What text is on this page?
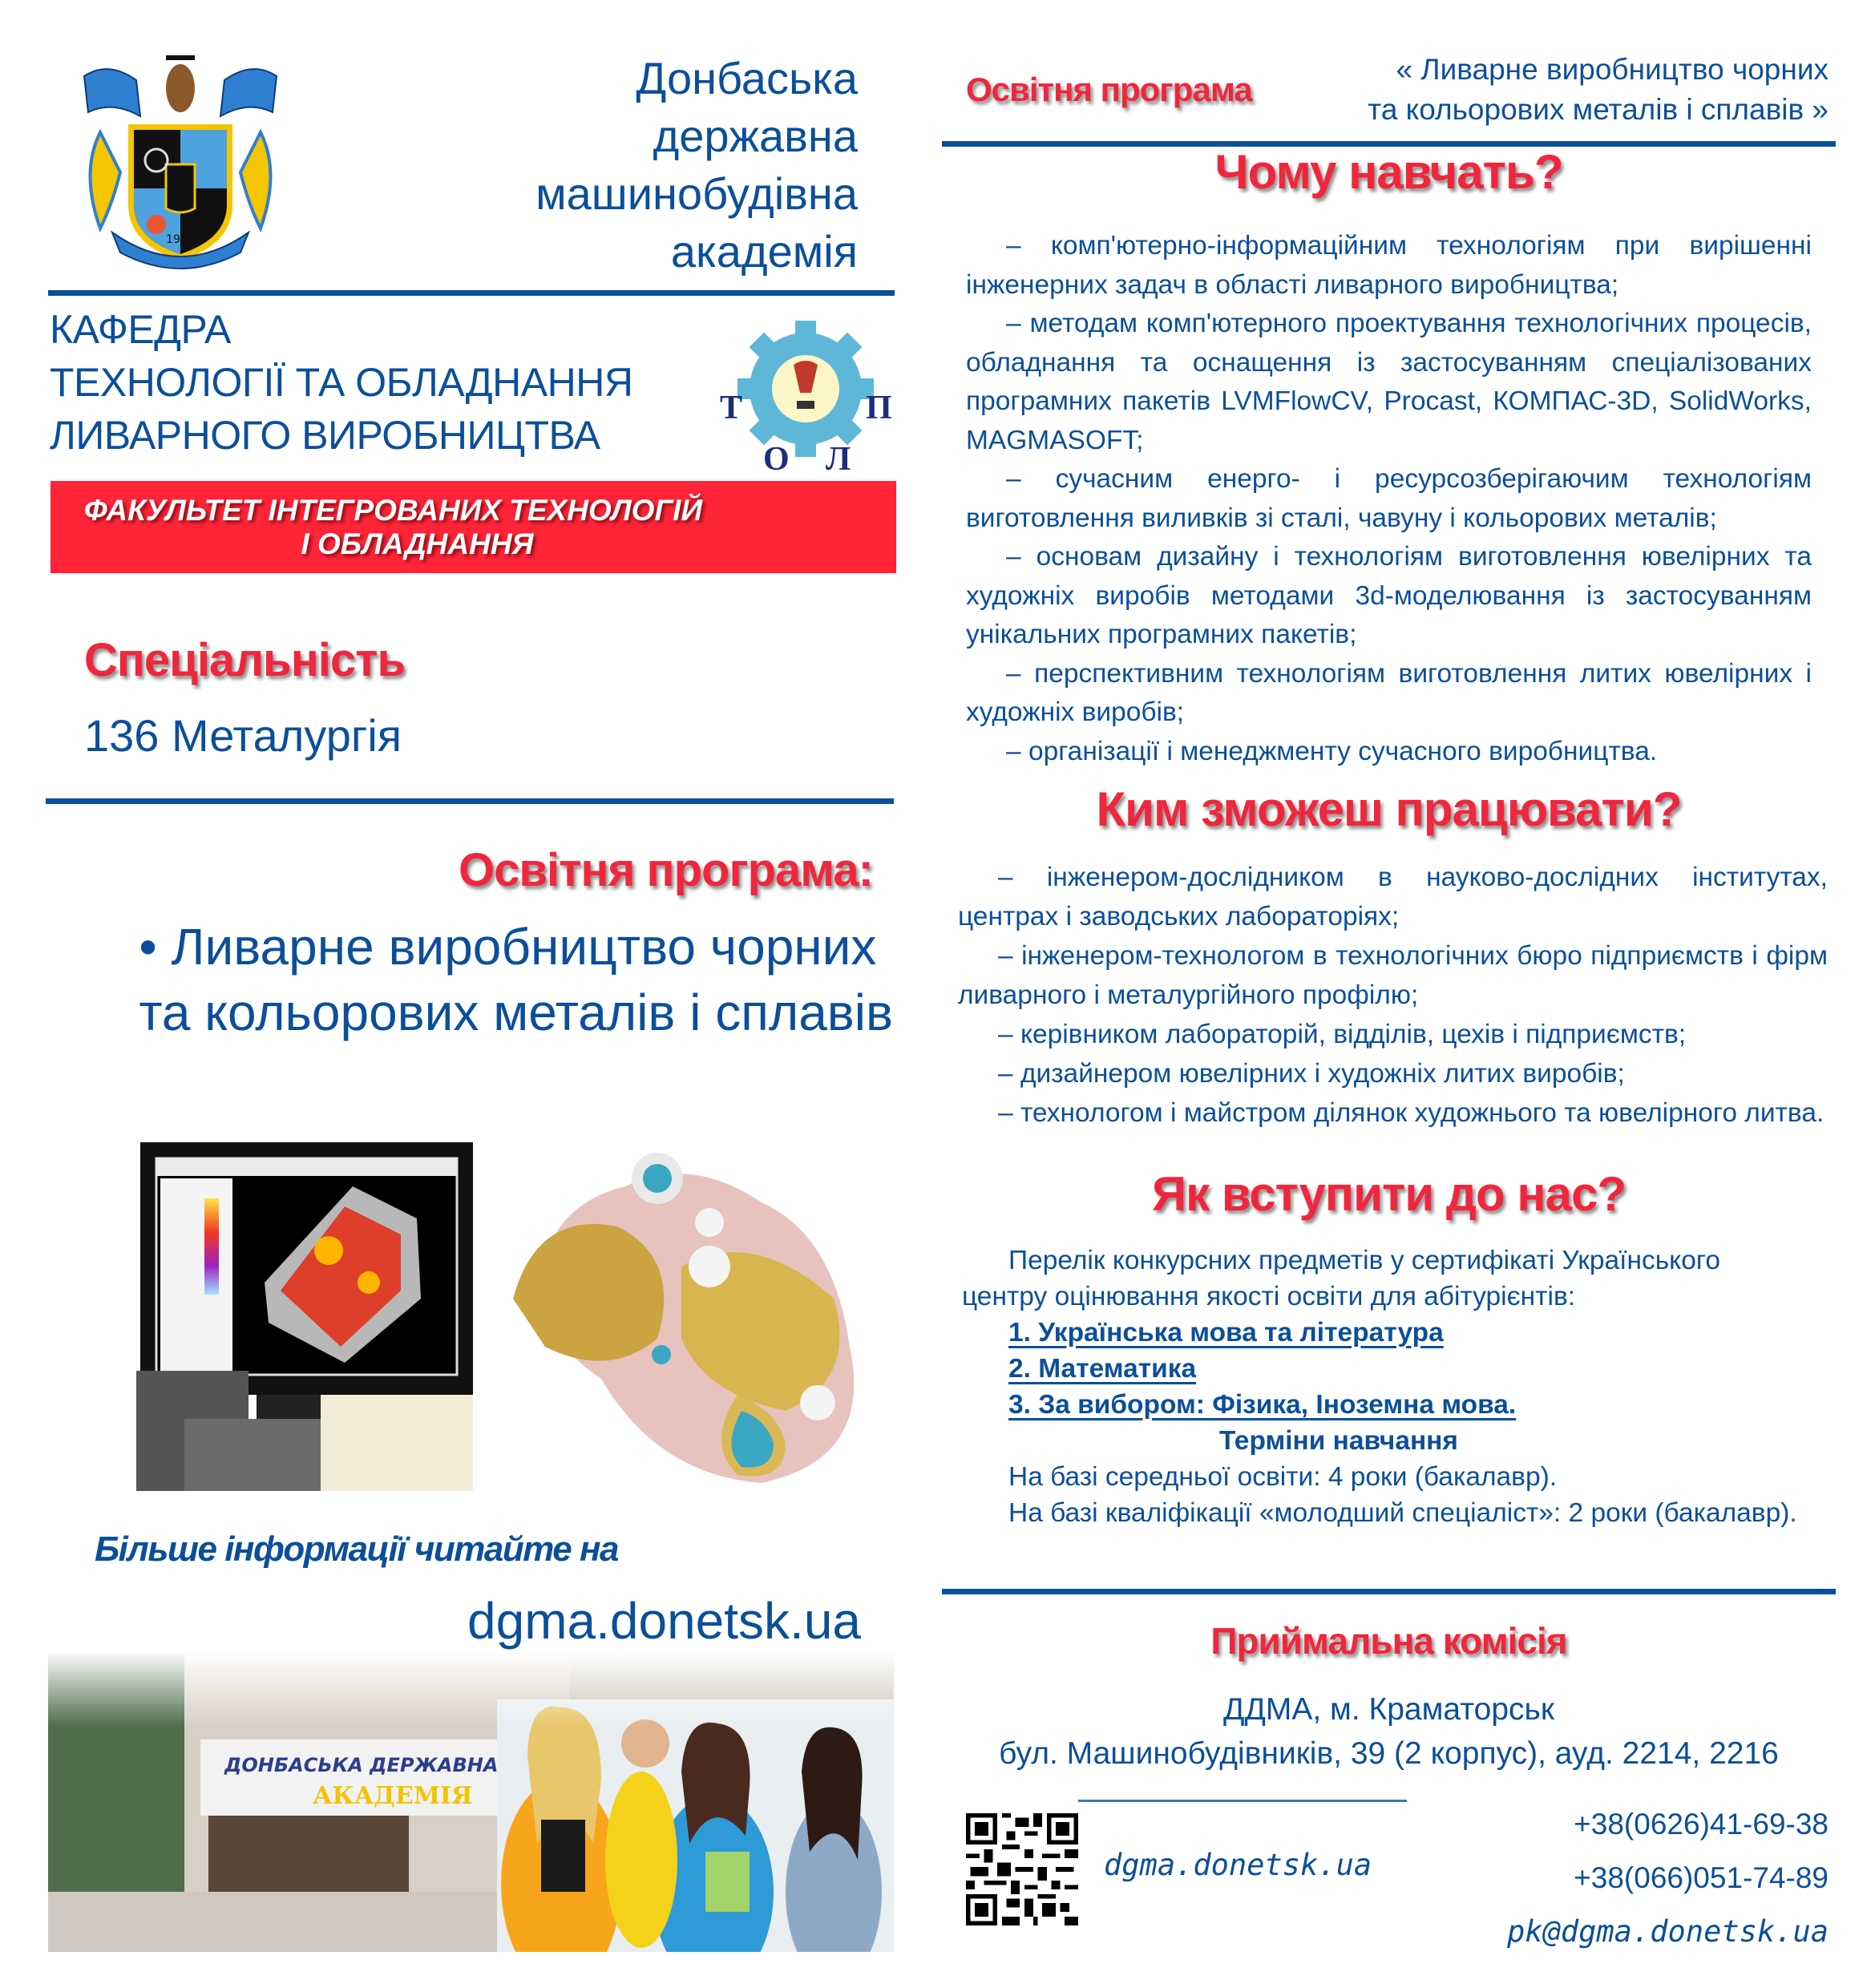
1952
Донбаська
державна
машинобудівна
академія
КАФЕДРА
ТЕХНОЛОГІЇ ТА ОБЛАДНАННЯ
ЛИВАРНОГО ВИРОБНИЦТВА
Т
О Л
П
ФАКУЛЬТЕТ ІНТЕГРОВАНИХ ТЕХНОЛОГІЙ
І ОБЛАДНАННЯ
Спеціальність
136 Металургія
Освітня програма:
• Ливарне виробництво чорних
та кольорових металів і сплавів
Більше інформації читайте на
dgma.donetsk.ua
Освітня програма
« Ливарне виробництво чорних
та кольорових металів і сплавів »
Чому навчать?

– комп'ютерно-інформаційним технологіям при вирішенні інженерних задач в області ливарного виробництва;

– методам комп'ютерного проектування технологічних процесів, обладнання та оснащення із застосуванням спеціалізованих програмних пакетів LVMFlowCV, Procast, КОМПАС-3D, SolidWorks, MAGMASOFT;

– сучасним енерго- і ресурсозберігаючим технологіям виготовлення виливків зі сталі, чавуну і кольорових металів;

– основам дизайну і технологіям виготовлення ювелірних та художніх виробів методами 3d-моделювання із застосуванням унікальних програмних пакетів;

– перспективним технологіям виготовлення литих ювелірних і художніх виробів;

– організації і менеджменту сучасного виробництва.

Ким зможеш працювати?

– інженером-дослідником в науково-дослідних інститутах, центрах і заводських лабораторіях;

– інженером-технологом в технологічних бюро підприємств і фірм ливарного і металургійного профілю;

– керівником лабораторій, відділів, цехів і підприємств;

– дизайнером ювелірних і художніх литих виробів;

– технологом і майстром ділянок художнього та ювелірного литва.

Як вступити до нас?
Перелік конкурсних предметів у сертифікаті Українського
центру оцінювання якості освіти для абітурієнтів:
1. Українська мова та література
2. Математика
3. За вибором: Фізика, Іноземна мова.
Терміни навчання
На базі середньої освіти: 4 роки (бакалавр).
На базі кваліфікації «молодший спеціаліст»: 2 роки (бакалавр).
Приймальна комісія
ДДМА, м. Краматорськ
бул. Машинобудівників, 39 (2 корпус), ауд. 2214, 2216
dgma.donetsk.ua
+38(0626)41-69-38
+38(066)051-74-89
pk@dgma.donetsk.ua
